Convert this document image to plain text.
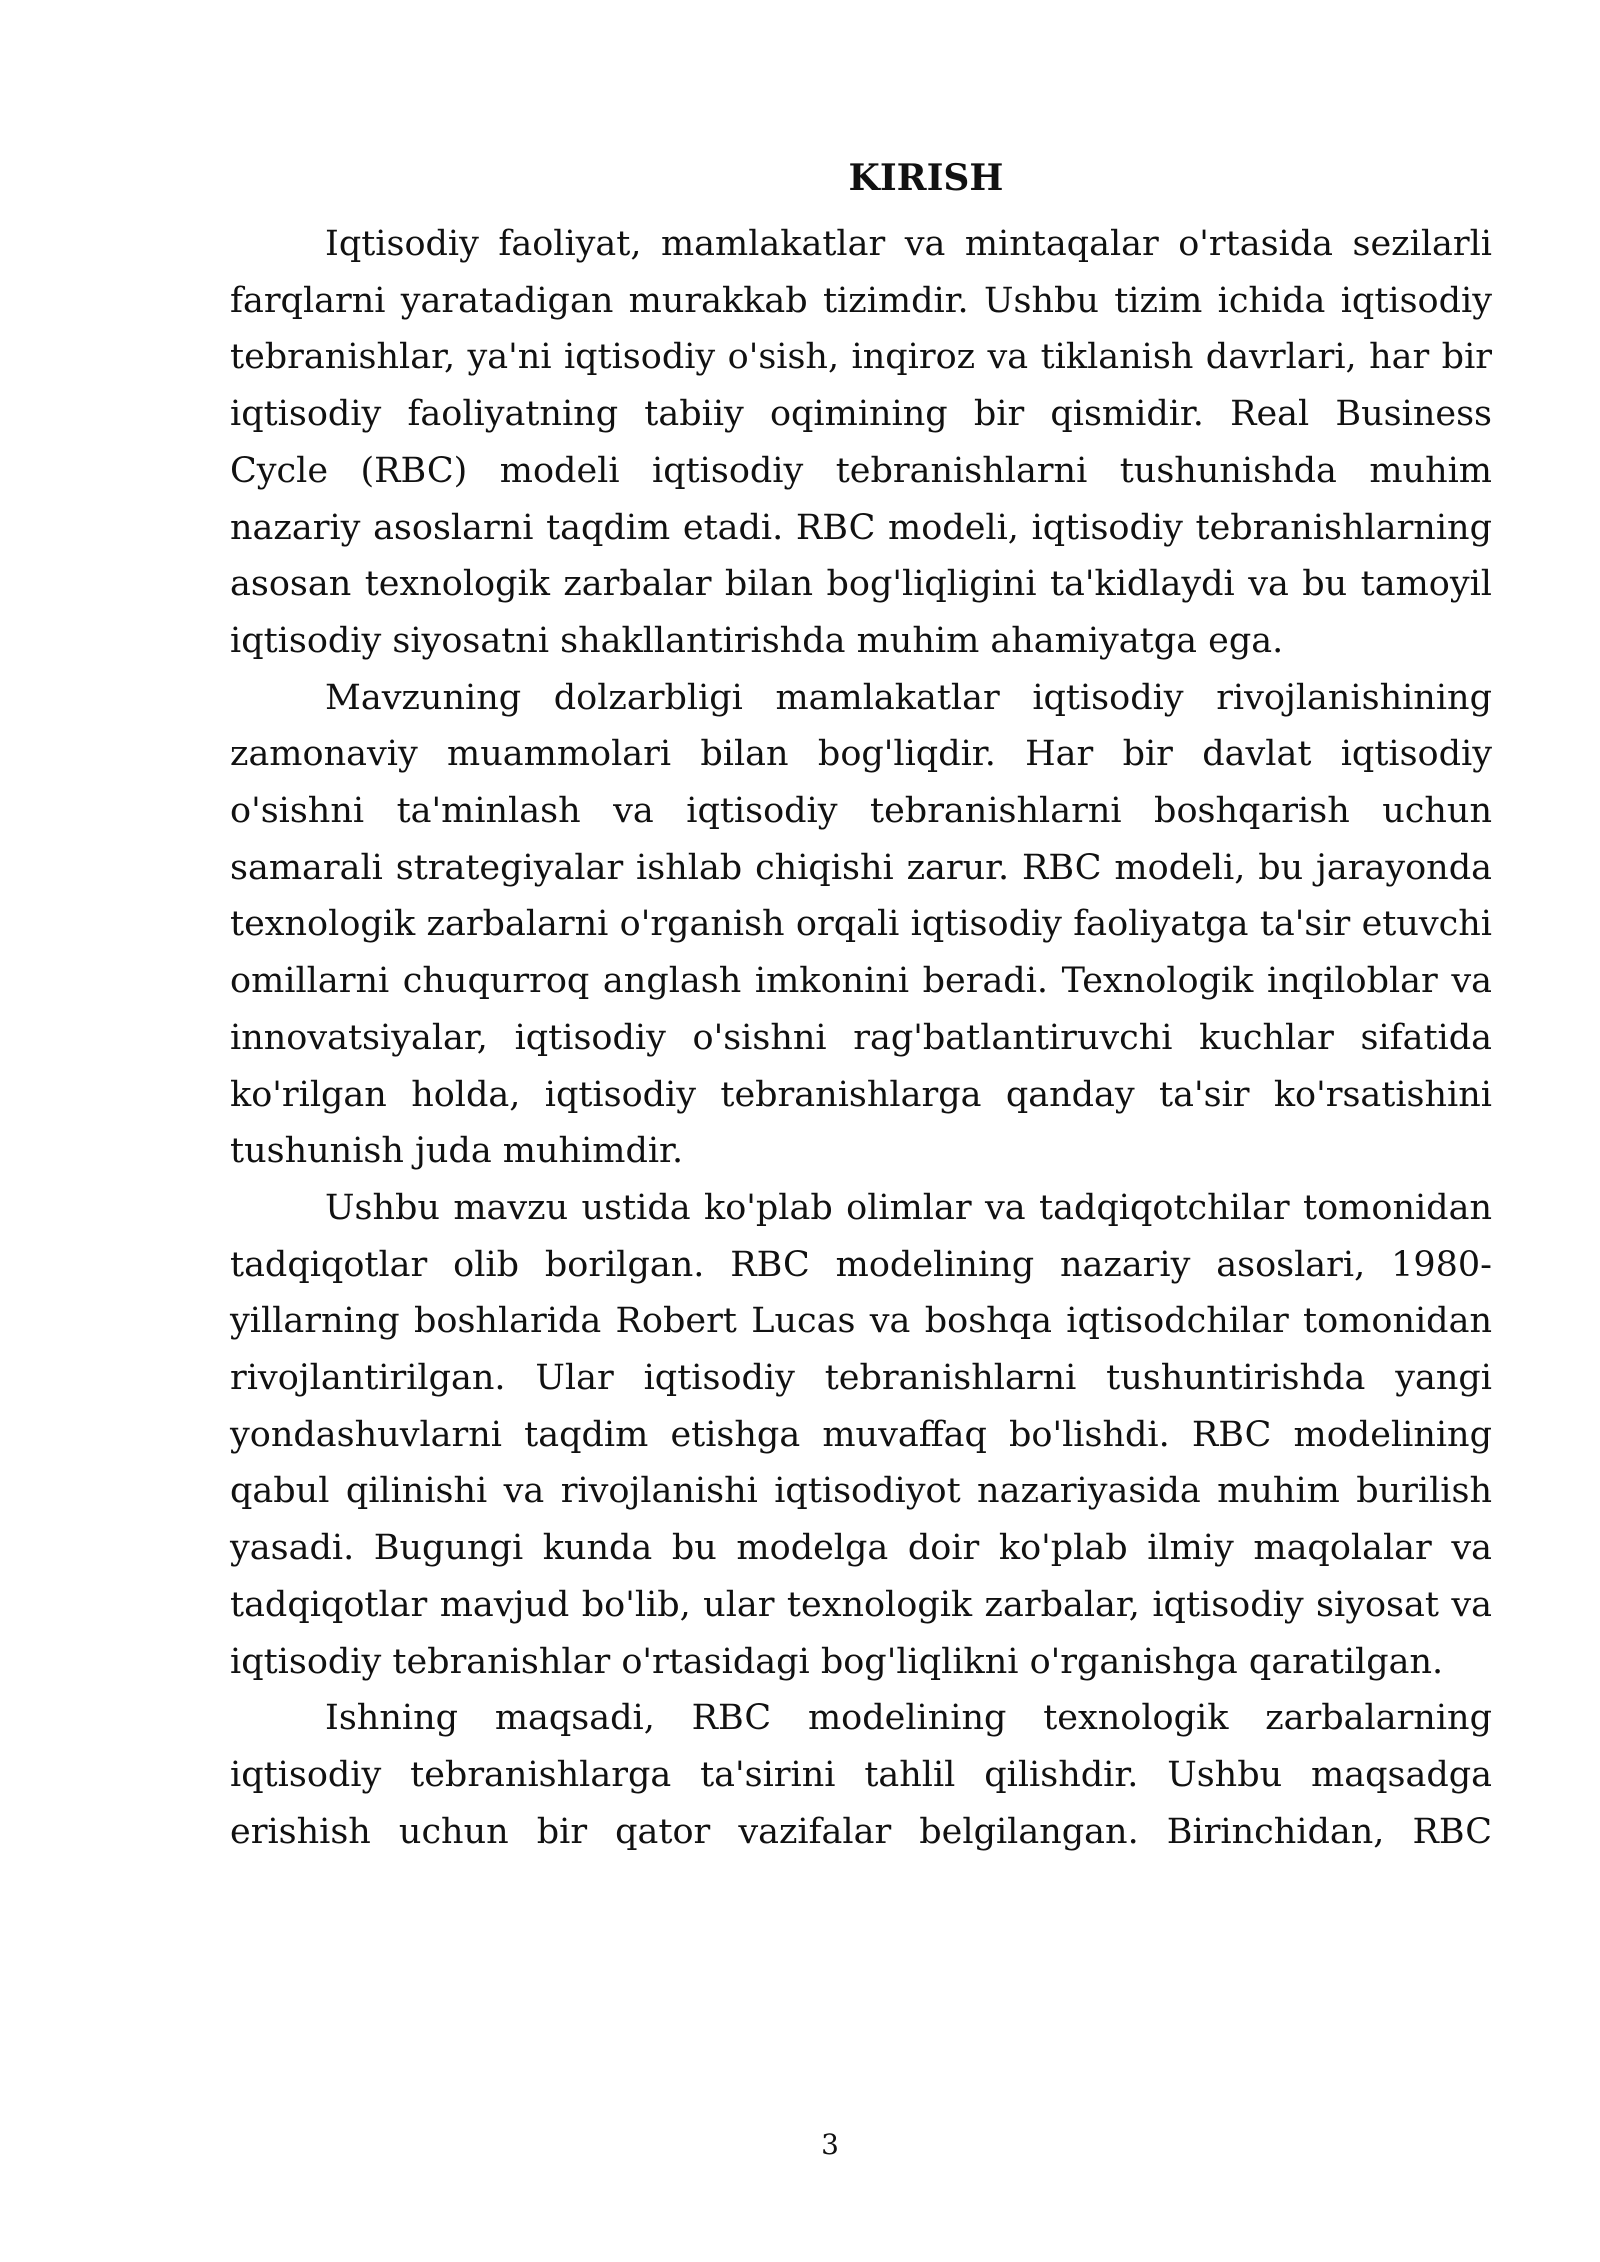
KIRISH

Iqtisodiy faoliyat, mamlakatlar va mintaqalar o'rtasida sezilarli farqlarni yaratadigan murakkab tizimdir. Ushbu tizim ichida iqtisodiy tebranishlar, ya'ni iqtisodiy o'sish, inqiroz va tiklanish davrlari, har bir iqtisodiy faoliyatning tabiiy oqimining bir qismidir. Real Business Cycle (RBC) modeli iqtisodiy tebranishlarni tushunishda muhim nazariy asoslarni taqdim etadi. RBC modeli, iqtisodiy tebranishlarning asosan texnologik zarbalar bilan bog'liqligini ta'kidlaydi va bu tamoyil iqtisodiy siyosatni shakllantirishda muhim ahamiyatga ega.

Mavzuning dolzarbligi mamlakatlar iqtisodiy rivojlanishining zamonaviy muammolari bilan bog'liqdir. Har bir davlat iqtisodiy o'sishni ta'minlash va iqtisodiy tebranishlarni boshqarish uchun samarali strategiyalar ishlab chiqishi zarur. RBC modeli, bu jarayonda texnologik zarbalarni o'rganish orqali iqtisodiy faoliyatga ta'sir etuvchi omillarni chuqurroq anglash imkonini beradi. Texnologik inqiloblar va innovatsiyalar, iqtisodiy o'sishni rag'batlantiruvchi kuchlar sifatida ko'rilgan holda, iqtisodiy tebranishlarga qanday ta'sir ko'rsatishini tushunish juda muhimdir.

Ushbu mavzu ustida ko'plab olimlar va tadqiqotchilar tomonidan tadqiqotlar olib borilgan. RBC modelining nazariy asoslari, 1980-yillarning boshlarida Robert Lucas va boshqa iqtisodchilar tomonidan rivojlantirilgan. Ular iqtisodiy tebranishlarni tushuntirishda yangi yondashuvlarni taqdim etishga muvaffaq bo'lishdi. RBC modelining qabul qilinishi va rivojlanishi iqtisodiyot nazariyasida muhim burilish yasadi. Bugungi kunda bu modelga doir ko'plab ilmiy maqolalar va tadqiqotlar mavjud bo'lib, ular texnologik zarbalar, iqtisodiy siyosat va iqtisodiy tebranishlar o'rtasidagi bog'liqlikni o'rganishga qaratilgan.

Ishning maqsadi, RBC modelining texnologik zarbalarning iqtisodiy tebranishlarga ta'sirini tahlil qilishdir. Ushbu maqsadga erishish uchun bir qator vazifalar belgilangan. Birinchidan, RBC

3
